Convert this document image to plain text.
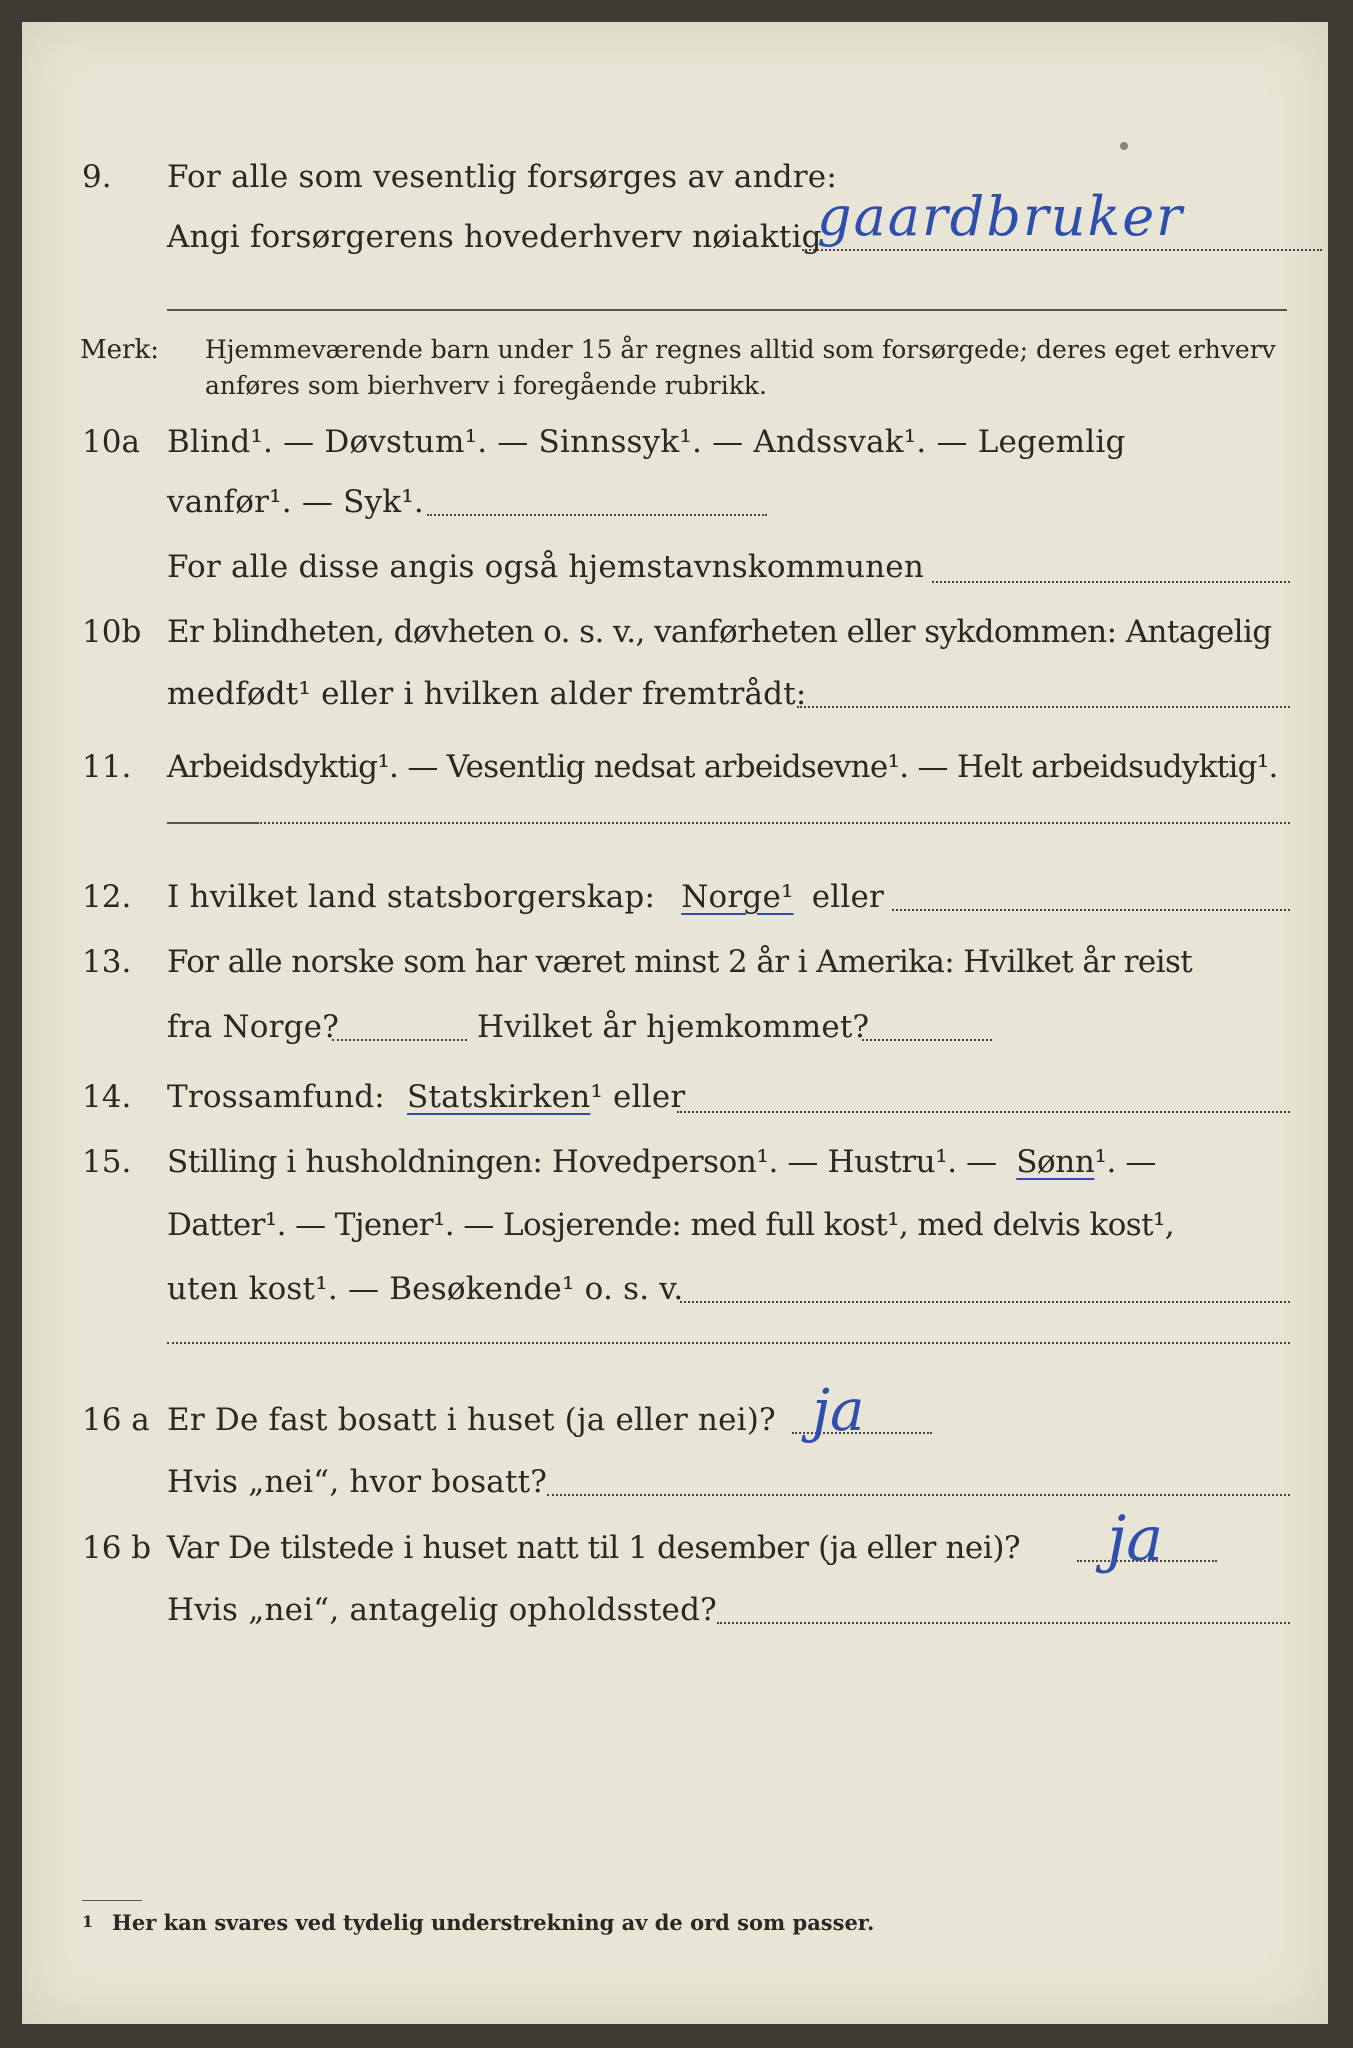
9. For alle som vesentlig forsørges av andre:
Angi forsørgerens hovederhverv nøiaktig
gaardbruker
Merk: Hjemmeværende barn under 15 år regnes alltid som forsørgede; deres eget erhverv
anføres som bierhverv i foregående rubrikk.
10a Blind¹. — Døvstum¹. — Sinnssyk¹. — Andssvak¹. — Legemlig
vanfør¹. — Syk¹.
For alle disse angis også hjemstavnskommunen
10b Er blindheten, døvheten o. s. v., vanførheten eller sykdommen: Antagelig
medfødt¹ eller i hvilken alder fremtrådt:
11. Arbeidsdyktig¹. — Vesentlig nedsat arbeidsevne¹. — Helt arbeidsudyktig¹.
12. I hvilket land statsborgerskap: Norge¹ eller
13. For alle norske som har været minst 2 år i Amerika: Hvilket år reist
fra Norge?	Hvilket år hjemkommet?
14. Trossamfund: Statskirken¹ eller
15. Stilling i husholdningen: Hovedperson¹. — Hustru¹. — Sønn¹. —
Datter¹. — Tjener¹. — Losjerende: med full kost¹, med delvis kost¹,
uten kost¹. — Besøkende¹ o. s. v.
16 a Er De fast bosatt i huset (ja eller nei)? ja
Hvis „nei“, hvor bosatt?
16 b Var De tilstede i huset natt til 1 desember (ja eller nei)? ja
Hvis „nei“, antagelig opholdssted?
1 Her kan svares ved tydelig understrekning av de ord som passer.
